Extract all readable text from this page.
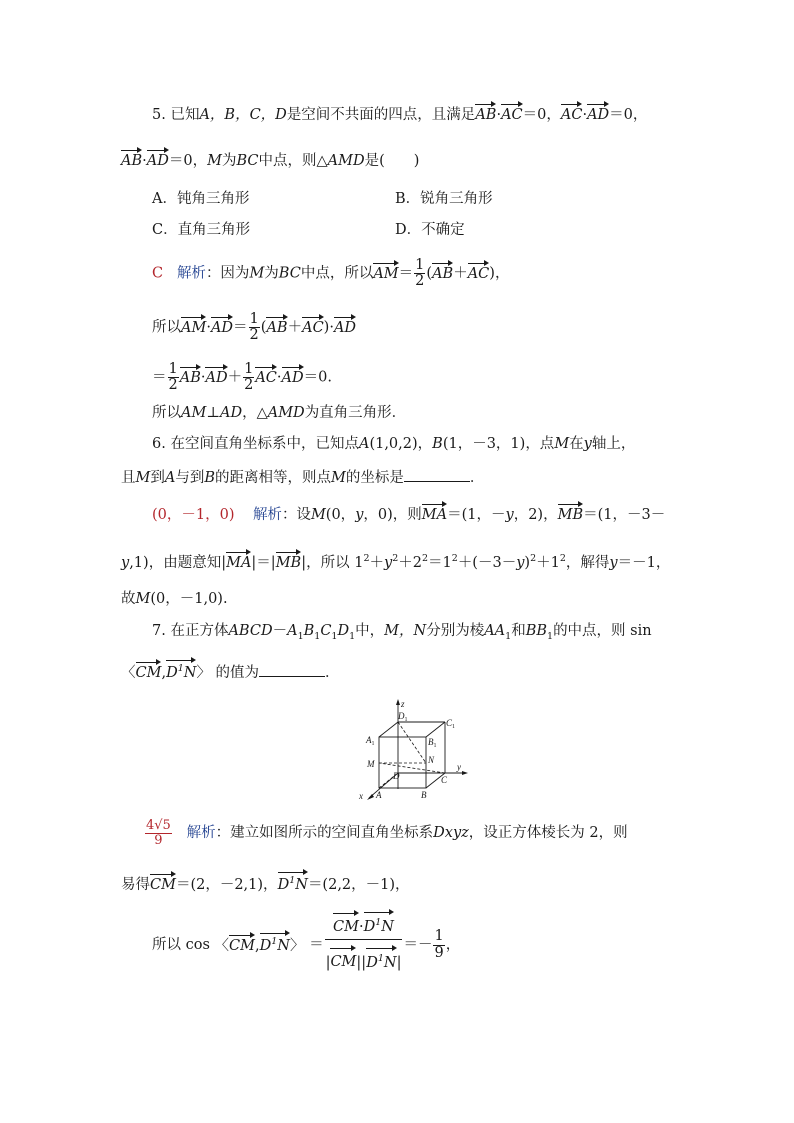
5. 已知A，B，C，D是空间不共面的四点，且满足AB·AC＝0，AC·AD＝0，
AB·AD＝0，M为BC中点，则△AMD是(　　)
A．钝角三角形	B．锐角三角形
C．直角三角形	D．不确定
C 解析：因为M为BC中点，所以$AM= \frac{1}{2} (AB+AC)$，
所以$AM\cdot AD= \frac{1}{2} (AB+AC)\cdot AD$
＝ $\frac{1}{2} AB\cdot AD+ \frac{1}{2} AC\cdot AD=0$.
所以AM⊥AD，△AMD为直角三角形．
6. 在空间直角坐标系中，已知点A(1,0,2)，B(1，－3，1)，点M在y轴上，
且M到A与到B的距离相等，则点M的坐标是	．
(0，－1，0) 解析：设M(0，y，0)，则MA＝(1，－y，2)，MB＝(1，－3－
y,1)，由题意知|MA|＝|MB|，所以 $1^2+y^2+2^2=1^2+(-3-y)^2+1^2$，解得y＝－1，
故M(0，－1,0).
7. 在正方体$ABCD-A_1B_1C_1D_1$中，M，N分别为棱$AA_1$和$BB_1$的中点，则 sin
〈$CM,D^1N$〉 的值为	．
z
y
x
$D_1$	$C_1$
$A_1$	$B_1$
M	N
D	C
A	B
$\frac{4√5}{9}$ 解析：建立如图所示的空间直角坐标系Dxyz，设正方体棱长为 2，则
易得CM＝(2，－2,1)，$D^1N=(2,2$，－1)，
所以 cos 〈$CM,D^1N$〉 ＝ $\frac{CM\cdot D^1N}{|CM||D^1N|} =- \frac{1}{9}$ ，
